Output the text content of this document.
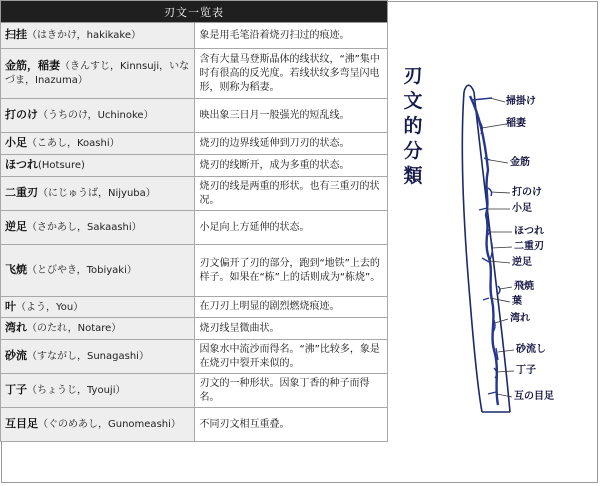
刃文一览表	
扫挂（はきかけ，hakikake）	象是用毛笔沿着烧刃扫过的痕迹。
金筋，稲妻（きんすじ，Kinnsuji，いなづま，Inazuma）	含有大量马登斯晶体的线状纹，“沸”集中时有很高的反光度。若线状纹多弯呈闪电形，则称为稻妻。
打のけ（うちのけ，Uchinoke）	映出象三日月一般强光的短乱线。
小足（こあし，Koashi）	烧刃的边界线延伸到刀刃的状态。
ほつれ(Hotsure)	烧刃的线断开，成为多重的状态。
二重刃（にじゅうば，Nijyuba）	烧刃的线是两重的形状。也有三重刃的状况。
逆足（さかあし，Sakaashi）	小足向上方延伸的状态。
飞焼（とびやき，Tobiyaki）	刃文偏开了刃的部分，跑到“地铁”上去的样子。如果在“栋”上的话则成为“栋烧”。
叶（よう，You）	在刀刃上明显的剧烈燃烧痕迹。
湾れ（のたれ，Notare）	烧刃线呈微曲状。
砂流（すながし，Sunagashi）	因象水中流沙而得名。“沸”比较多，象是在烧刃中裂开来似的。
丁子（ちょうじ，Tyouji）	刃文的一种形状。因象丁香的种子而得名。
互目足（ぐのめあし，Gunomeashi）	不同刃文相互重叠。
刃文的分類
掃掛け
稲妻
金筋
打のけ
小足
ほつれ
二重刃
逆足
飛焼
葉
湾れ
砂流し
丁子
互の目足
